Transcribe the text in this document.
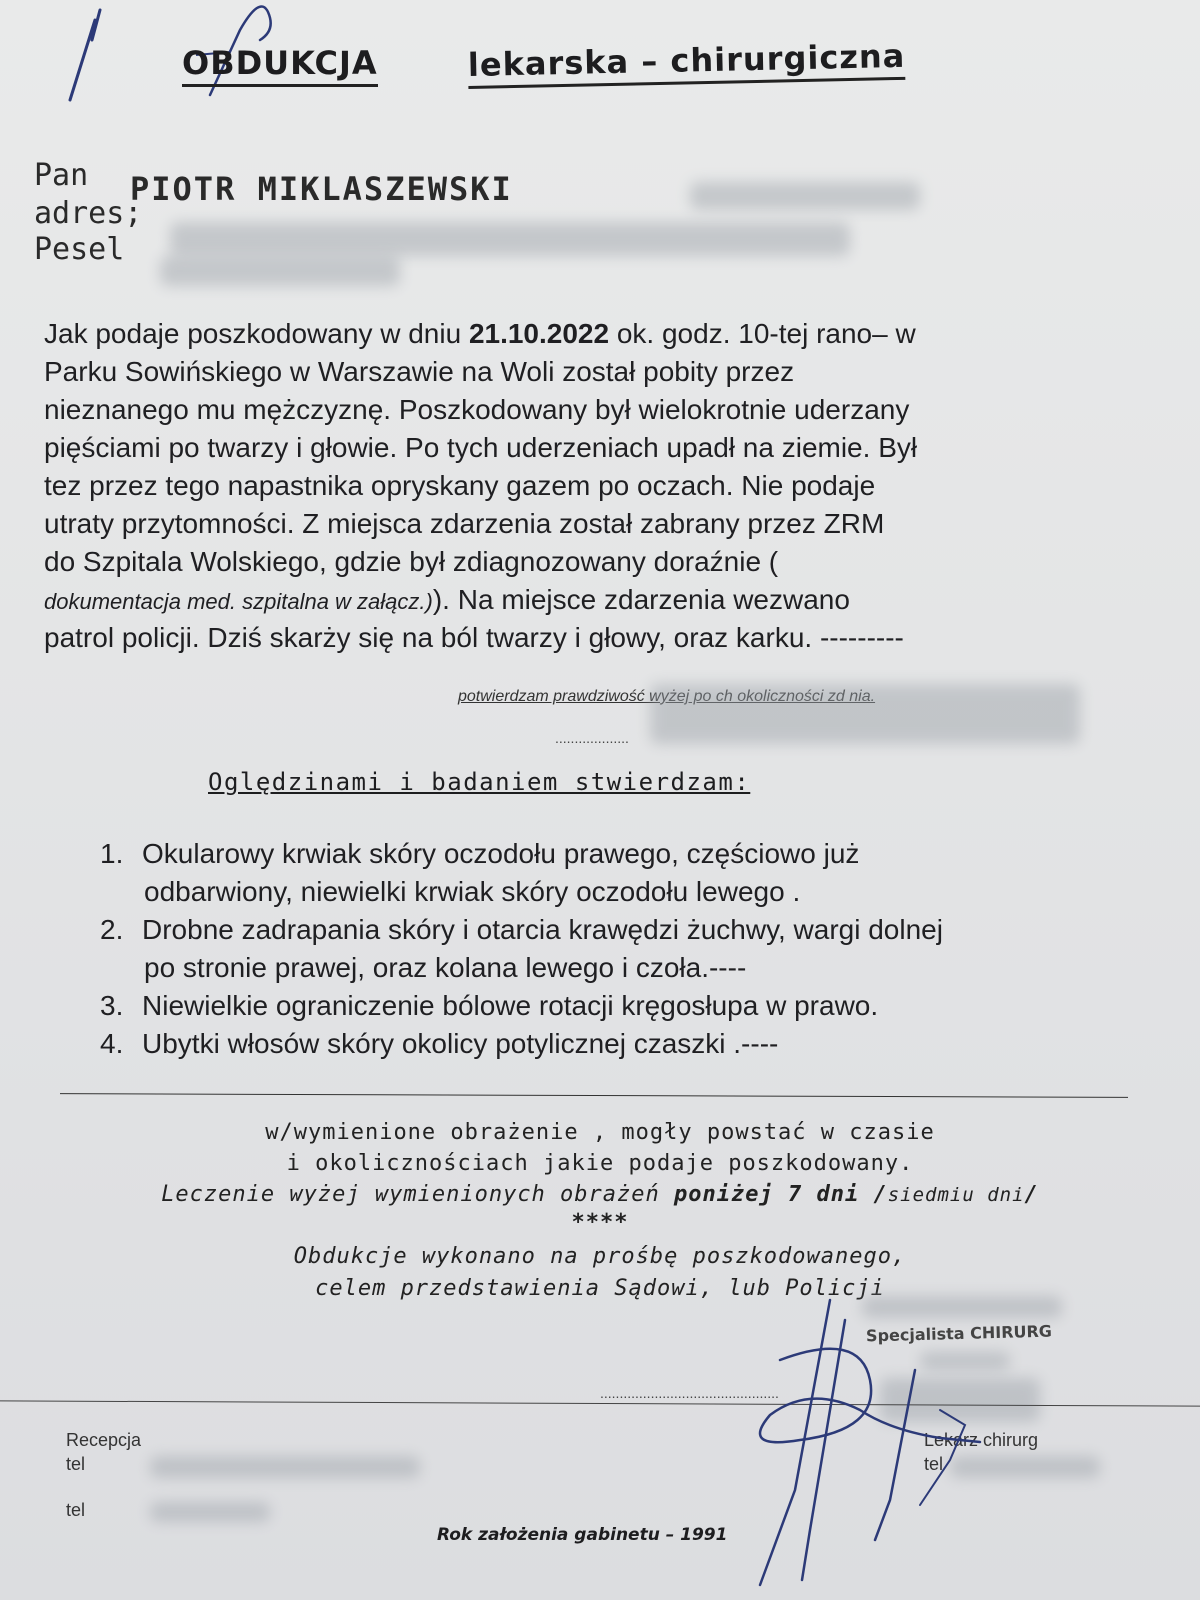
OBDUKCJA	lekarska – chirurgiczna
Pan PIOTR MIKLASZEWSKI
adres;
Pesel
Jak podaje poszkodowany w dniu 21.10.2022 ok. godz. 10-tej rano– w
Parku Sowińskiego w Warszawie na Woli został pobity przez
nieznanego mu mężczyznę. Poszkodowany był wielokrotnie uderzany
pięściami po twarzy i głowie. Po tych uderzeniach upadł na ziemie. Był
tez przez tego napastnika opryskany gazem po oczach. Nie podaje
utraty przytomności. Z miejsca zdarzenia został zabrany przez ZRM
do Szpitala Wolskiego, gdzie był zdiagnozowany doraźnie (
dokumentacja med. szpitalna w załącz.)). Na miejsce zdarzenia wezwano
patrol policji. Dziś skarży się na ból twarzy i głowy, oraz karku. ---------
potwierdzam prawdziwość wyżej po ch okoliczności zd nia.
...................
Oględzinami i badaniem stwierdzam:
1. Okularowy krwiak skóry oczodołu prawego, częściowo już
odbarwiony, niewielki krwiak skóry oczodołu lewego .
2. Drobne zadrapania skóry i otarcia krawędzi żuchwy, wargi dolnej
po stronie prawej, oraz kolana lewego i czoła.----
3. Niewielkie ograniczenie bólowe rotacji kręgosłupa w prawo.
4. Ubytki włosów skóry okolicy potylicznej czaszki .----
w/wymienione obrażenie , mogły powstać w czasie
i okolicznościach jakie podaje poszkodowany.
Leczenie wyżej wymienionych obrażeń poniżej 7 dni /siedmiu dni/
****
Obdukcje wykonano na prośbę poszkodowanego,
celem przedstawienia Sądowi, lub Policji
Specjalista CHIRURG
..............................................
Recepcja
tel
tel
Lekarz chirurg
tel
Rok założenia gabinetu – 1991
